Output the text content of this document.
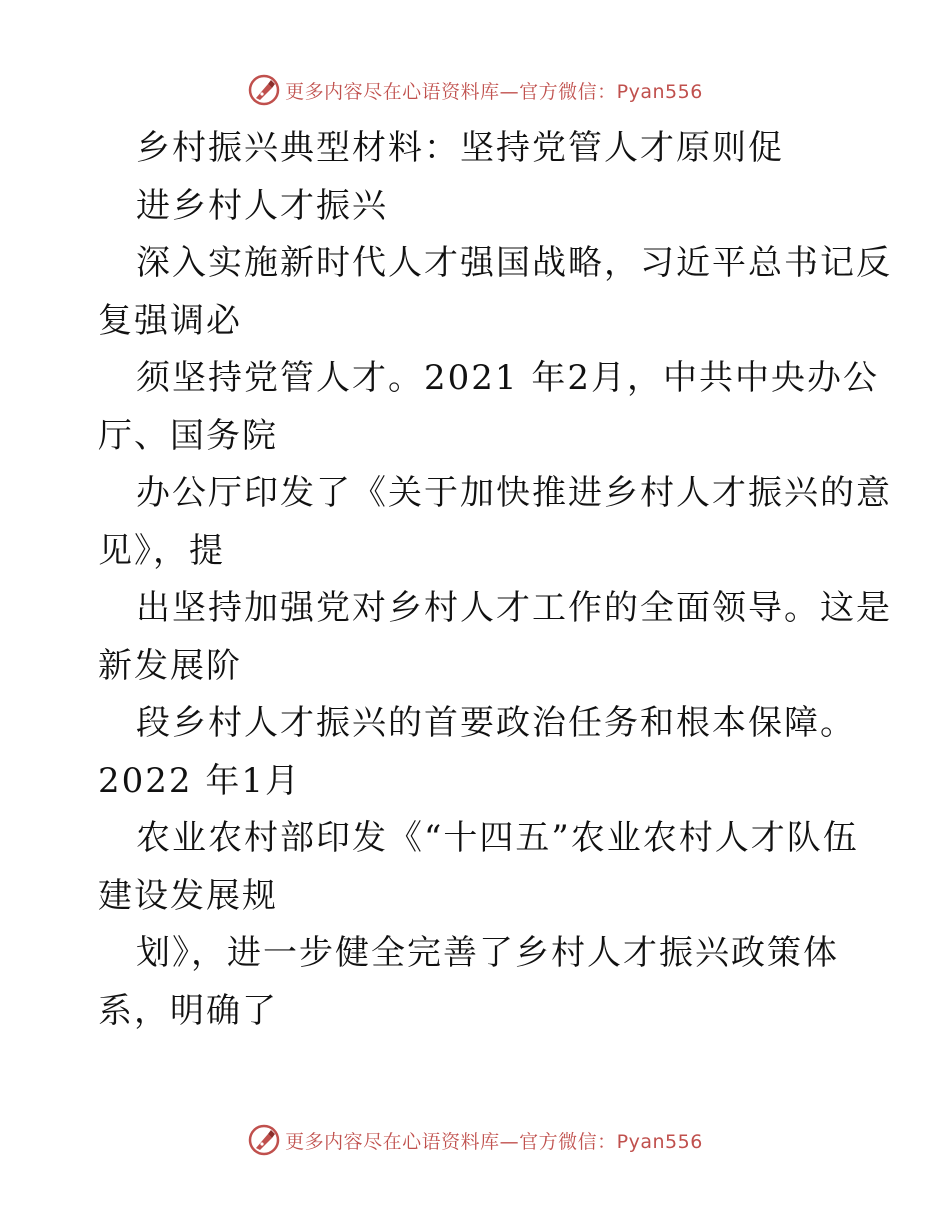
更多内容尽在心语资料库—官方微信：Pyan556
乡村振兴典型材料：坚持党管人才原则促
进乡村人才振兴
深入实施新时代人才强国战略，习近平总书记反
复强调必
须坚持党管人才。2021 年2月，中共中央办公
厅、国务院
办公厅印发了《关于加快推进乡村人才振兴的意
见》，提
出坚持加强党对乡村人才工作的全面领导。这是
新发展阶
段乡村人才振兴的首要政治任务和根本保障。
2022 年1月
农业农村部印发《“十四五”农业农村人才队伍
建设发展规
划》，进一步健全完善了乡村人才振兴政策体
系，明确了
更多内容尽在心语资料库—官方微信：Pyan556
